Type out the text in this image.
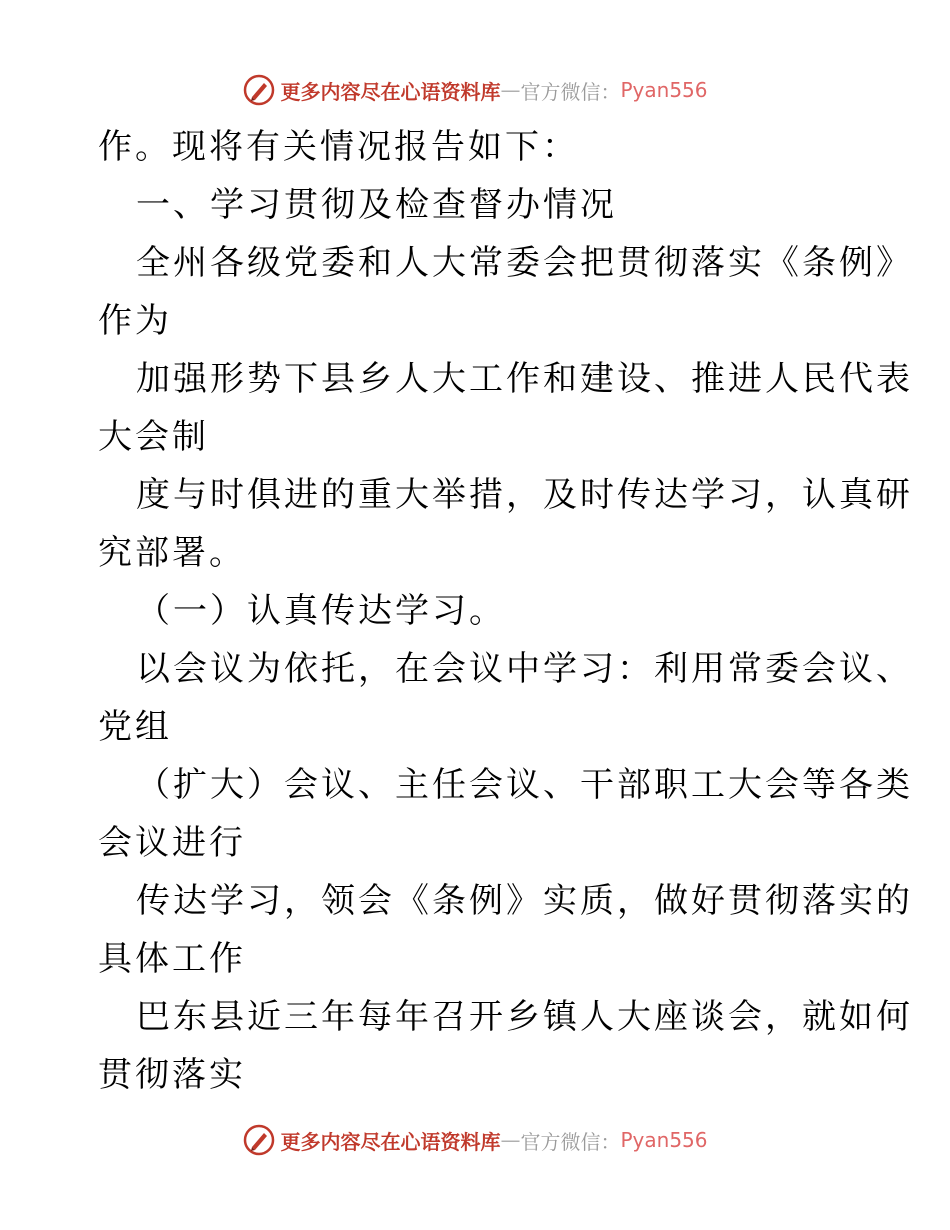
更多内容尽在心语资料库 — 官方微信： Pyan556
作。现将有关情况报告如下：
一、学习贯彻及检查督办情况
全州各级党委和人大常委会把贯彻落实《条例》
作为
加强形势下县乡人大工作和建设、推进人民代表
大会制
度与时俱进的重大举措，及时传达学习，认真研
究部署。
（一）认真传达学习。
以会议为依托，在会议中学习：利用常委会议、
党组
（扩大）会议、主任会议、干部职工大会等各类
会议进行
传达学习，领会《条例》实质，做好贯彻落实的
具体工作
巴东县近三年每年召开乡镇人大座谈会，就如何
贯彻落实
更多内容尽在心语资料库 — 官方微信： Pyan556
